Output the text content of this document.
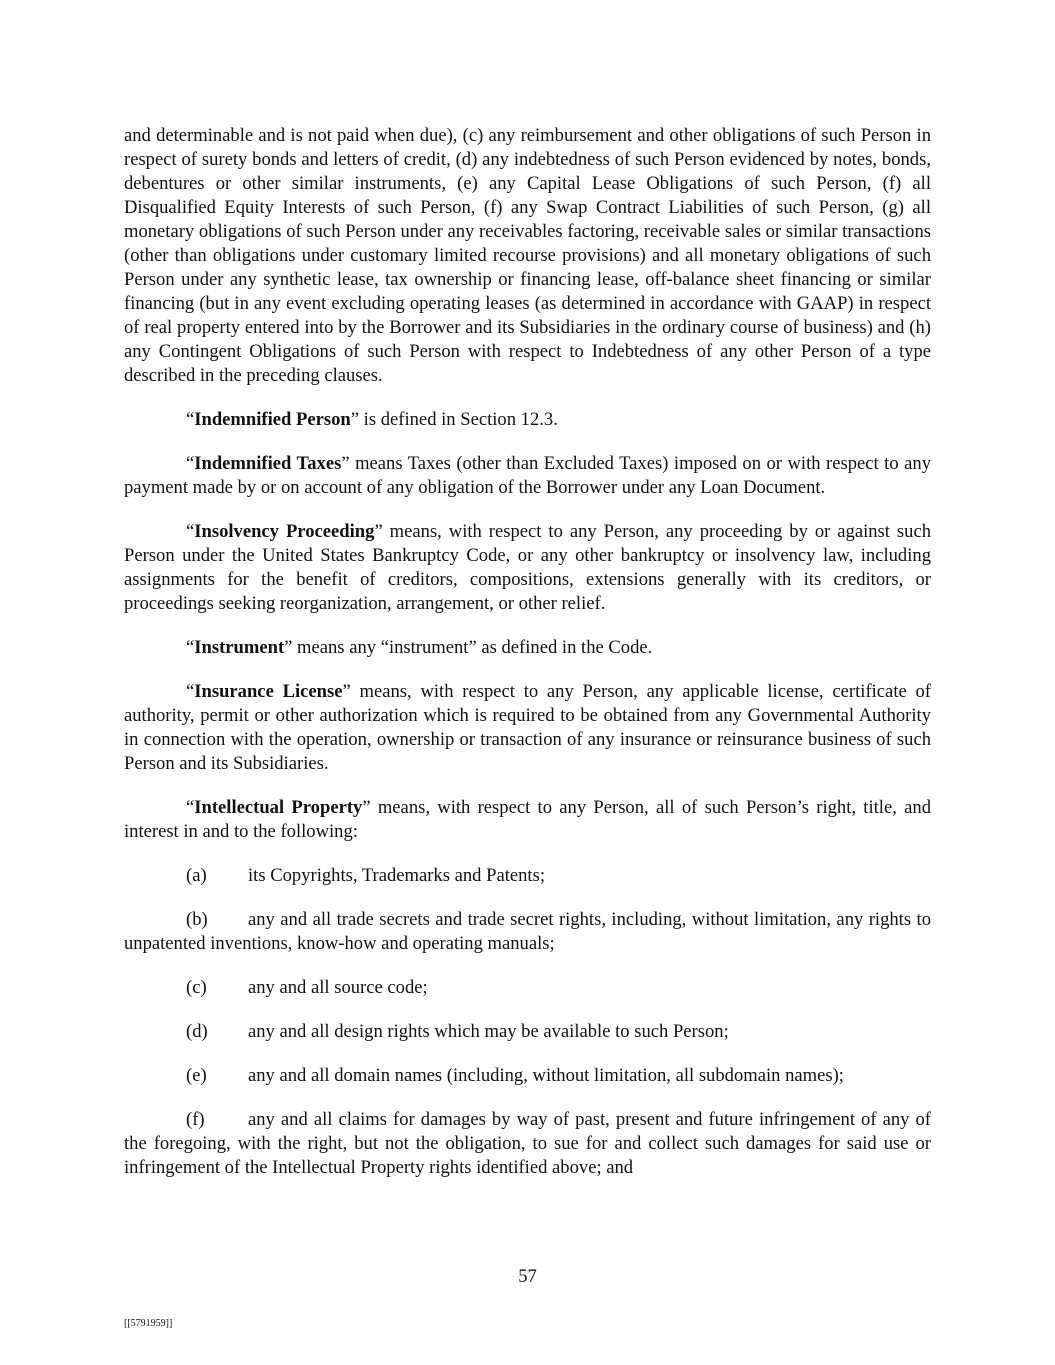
and determinable and is not paid when due), (c) any reimbursement and other obligations of such Person in respect of surety bonds and letters of credit, (d) any indebtedness of such Person evidenced by notes, bonds, debentures or other similar instruments, (e) any Capital Lease Obligations of such Person, (f) all Disqualified Equity Interests of such Person, (f) any Swap Contract Liabilities of such Person, (g) all monetary obligations of such Person under any receivables factoring, receivable sales or similar transactions (other than obligations under customary limited recourse provisions) and all monetary obligations of such Person under any synthetic lease, tax ownership or financing lease, off-balance sheet financing or similar financing (but in any event excluding operating leases (as determined in accordance with GAAP) in respect of real property entered into by the Borrower and its Subsidiaries in the ordinary course of business) and (h) any Contingent Obligations of such Person with respect to Indebtedness of any other Person of a type described in the preceding clauses.

“Indemnified Person” is defined in Section 12.3.

“Indemnified Taxes” means Taxes (other than Excluded Taxes) imposed on or with respect to any payment made by or on account of any obligation of the Borrower under any Loan Document.

“Insolvency Proceeding” means, with respect to any Person, any proceeding by or against such Person under the United States Bankruptcy Code, or any other bankruptcy or insolvency law, including assignments for the benefit of creditors, compositions, extensions generally with its creditors, or proceedings seeking reorganization, arrangement, or other relief.

“Instrument” means any “instrument” as defined in the Code.

“Insurance License” means, with respect to any Person, any applicable license, certificate of authority, permit or other authorization which is required to be obtained from any Governmental Authority in connection with the operation, ownership or transaction of any insurance or reinsurance business of such Person and its Subsidiaries.

“Intellectual Property” means, with respect to any Person, all of such Person’s right, title, and interest in and to the following:

(a) its Copyrights, Trademarks and Patents;

(b) any and all trade secrets and trade secret rights, including, without limitation, any rights to unpatented inventions, know-how and operating manuals;

(c) any and all source code;

(d) any and all design rights which may be available to such Person;

(e) any and all domain names (including, without limitation, all subdomain names);

(f) any and all claims for damages by way of past, present and future infringement of any of the foregoing, with the right, but not the obligation, to sue for and collect such damages for said use or infringement of the Intellectual Property rights identified above; and

57
[[5791959]]
